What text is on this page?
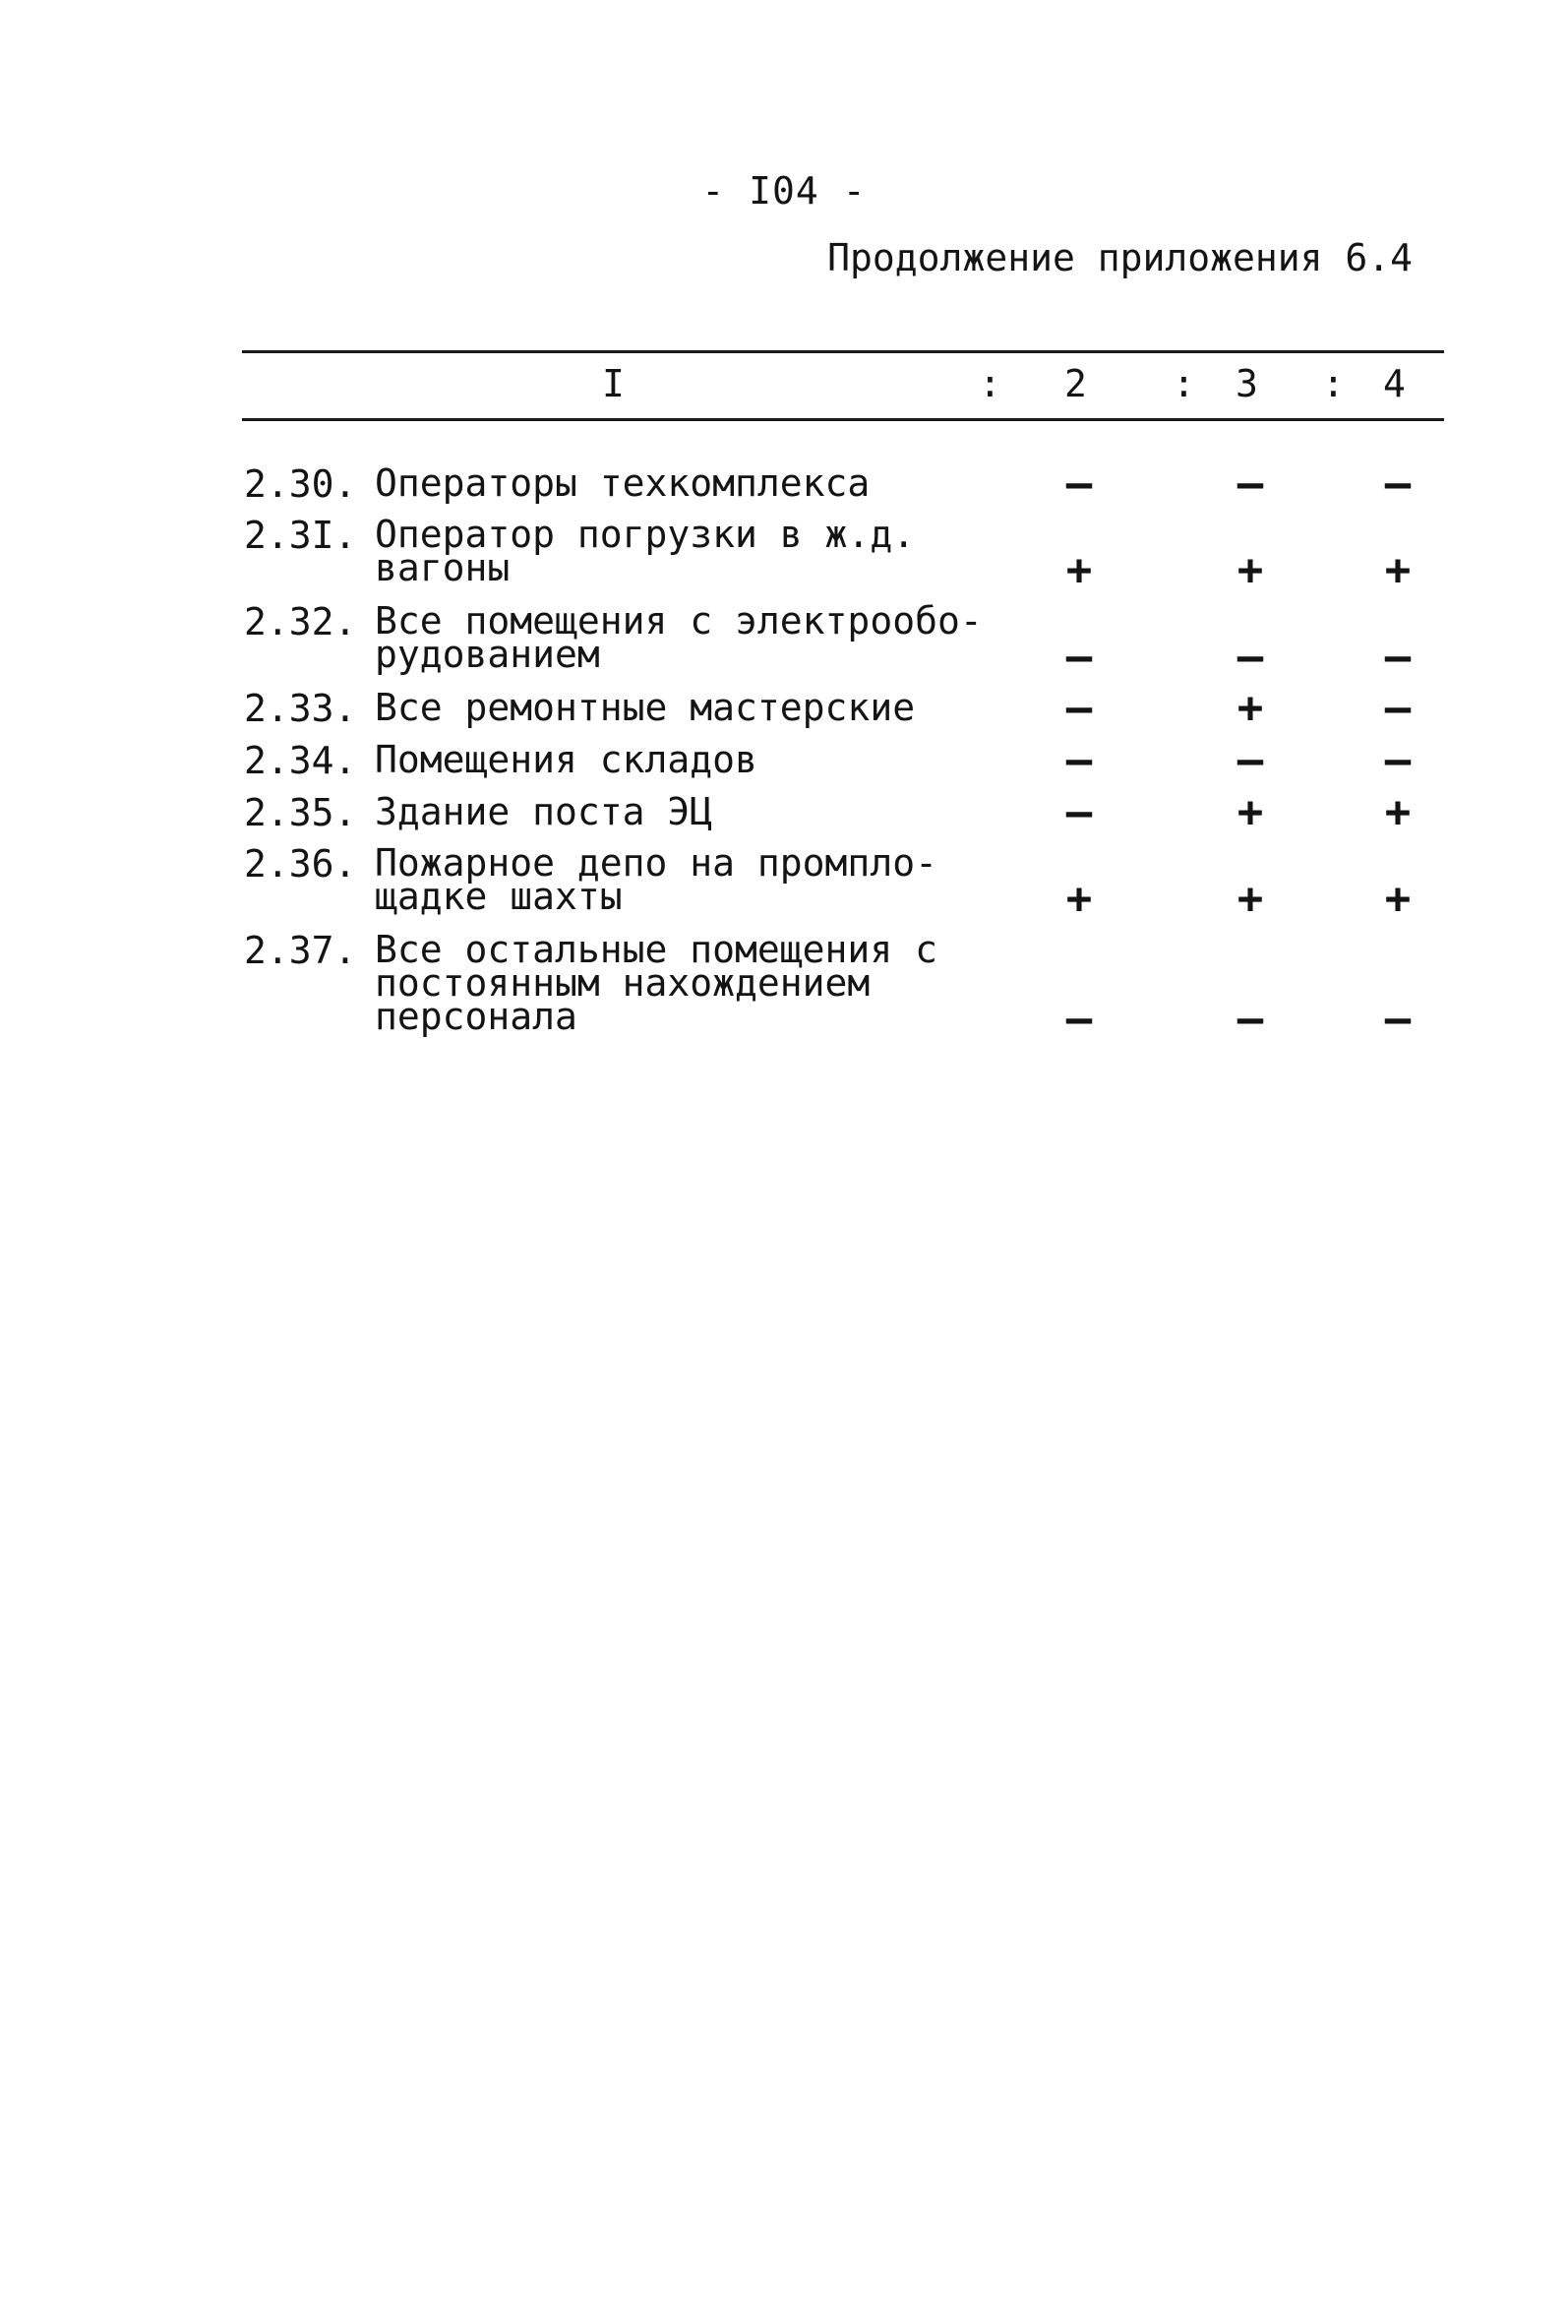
- I04 -
Продолжение приложения 6.4
I	: 2 : 3 : 4
2.30. Операторы техкомплекса	–	–	–
2.3I. Оператор погрузки в ж.д.
вагоны	+	+	+
2.32. Все помещения с электрообо-
рудованием	–	–	–
2.33. Все ремонтные мастерские	–	+	–
2.34. Помещения складов	–	–	–
2.35. Здание поста ЭЦ	–	+	+
2.36. Пожарное депо на промпло-
щадке шахты	+	+	+
2.37. Все остальные помещения с
постоянным нахождением
персонала	–	–	–
